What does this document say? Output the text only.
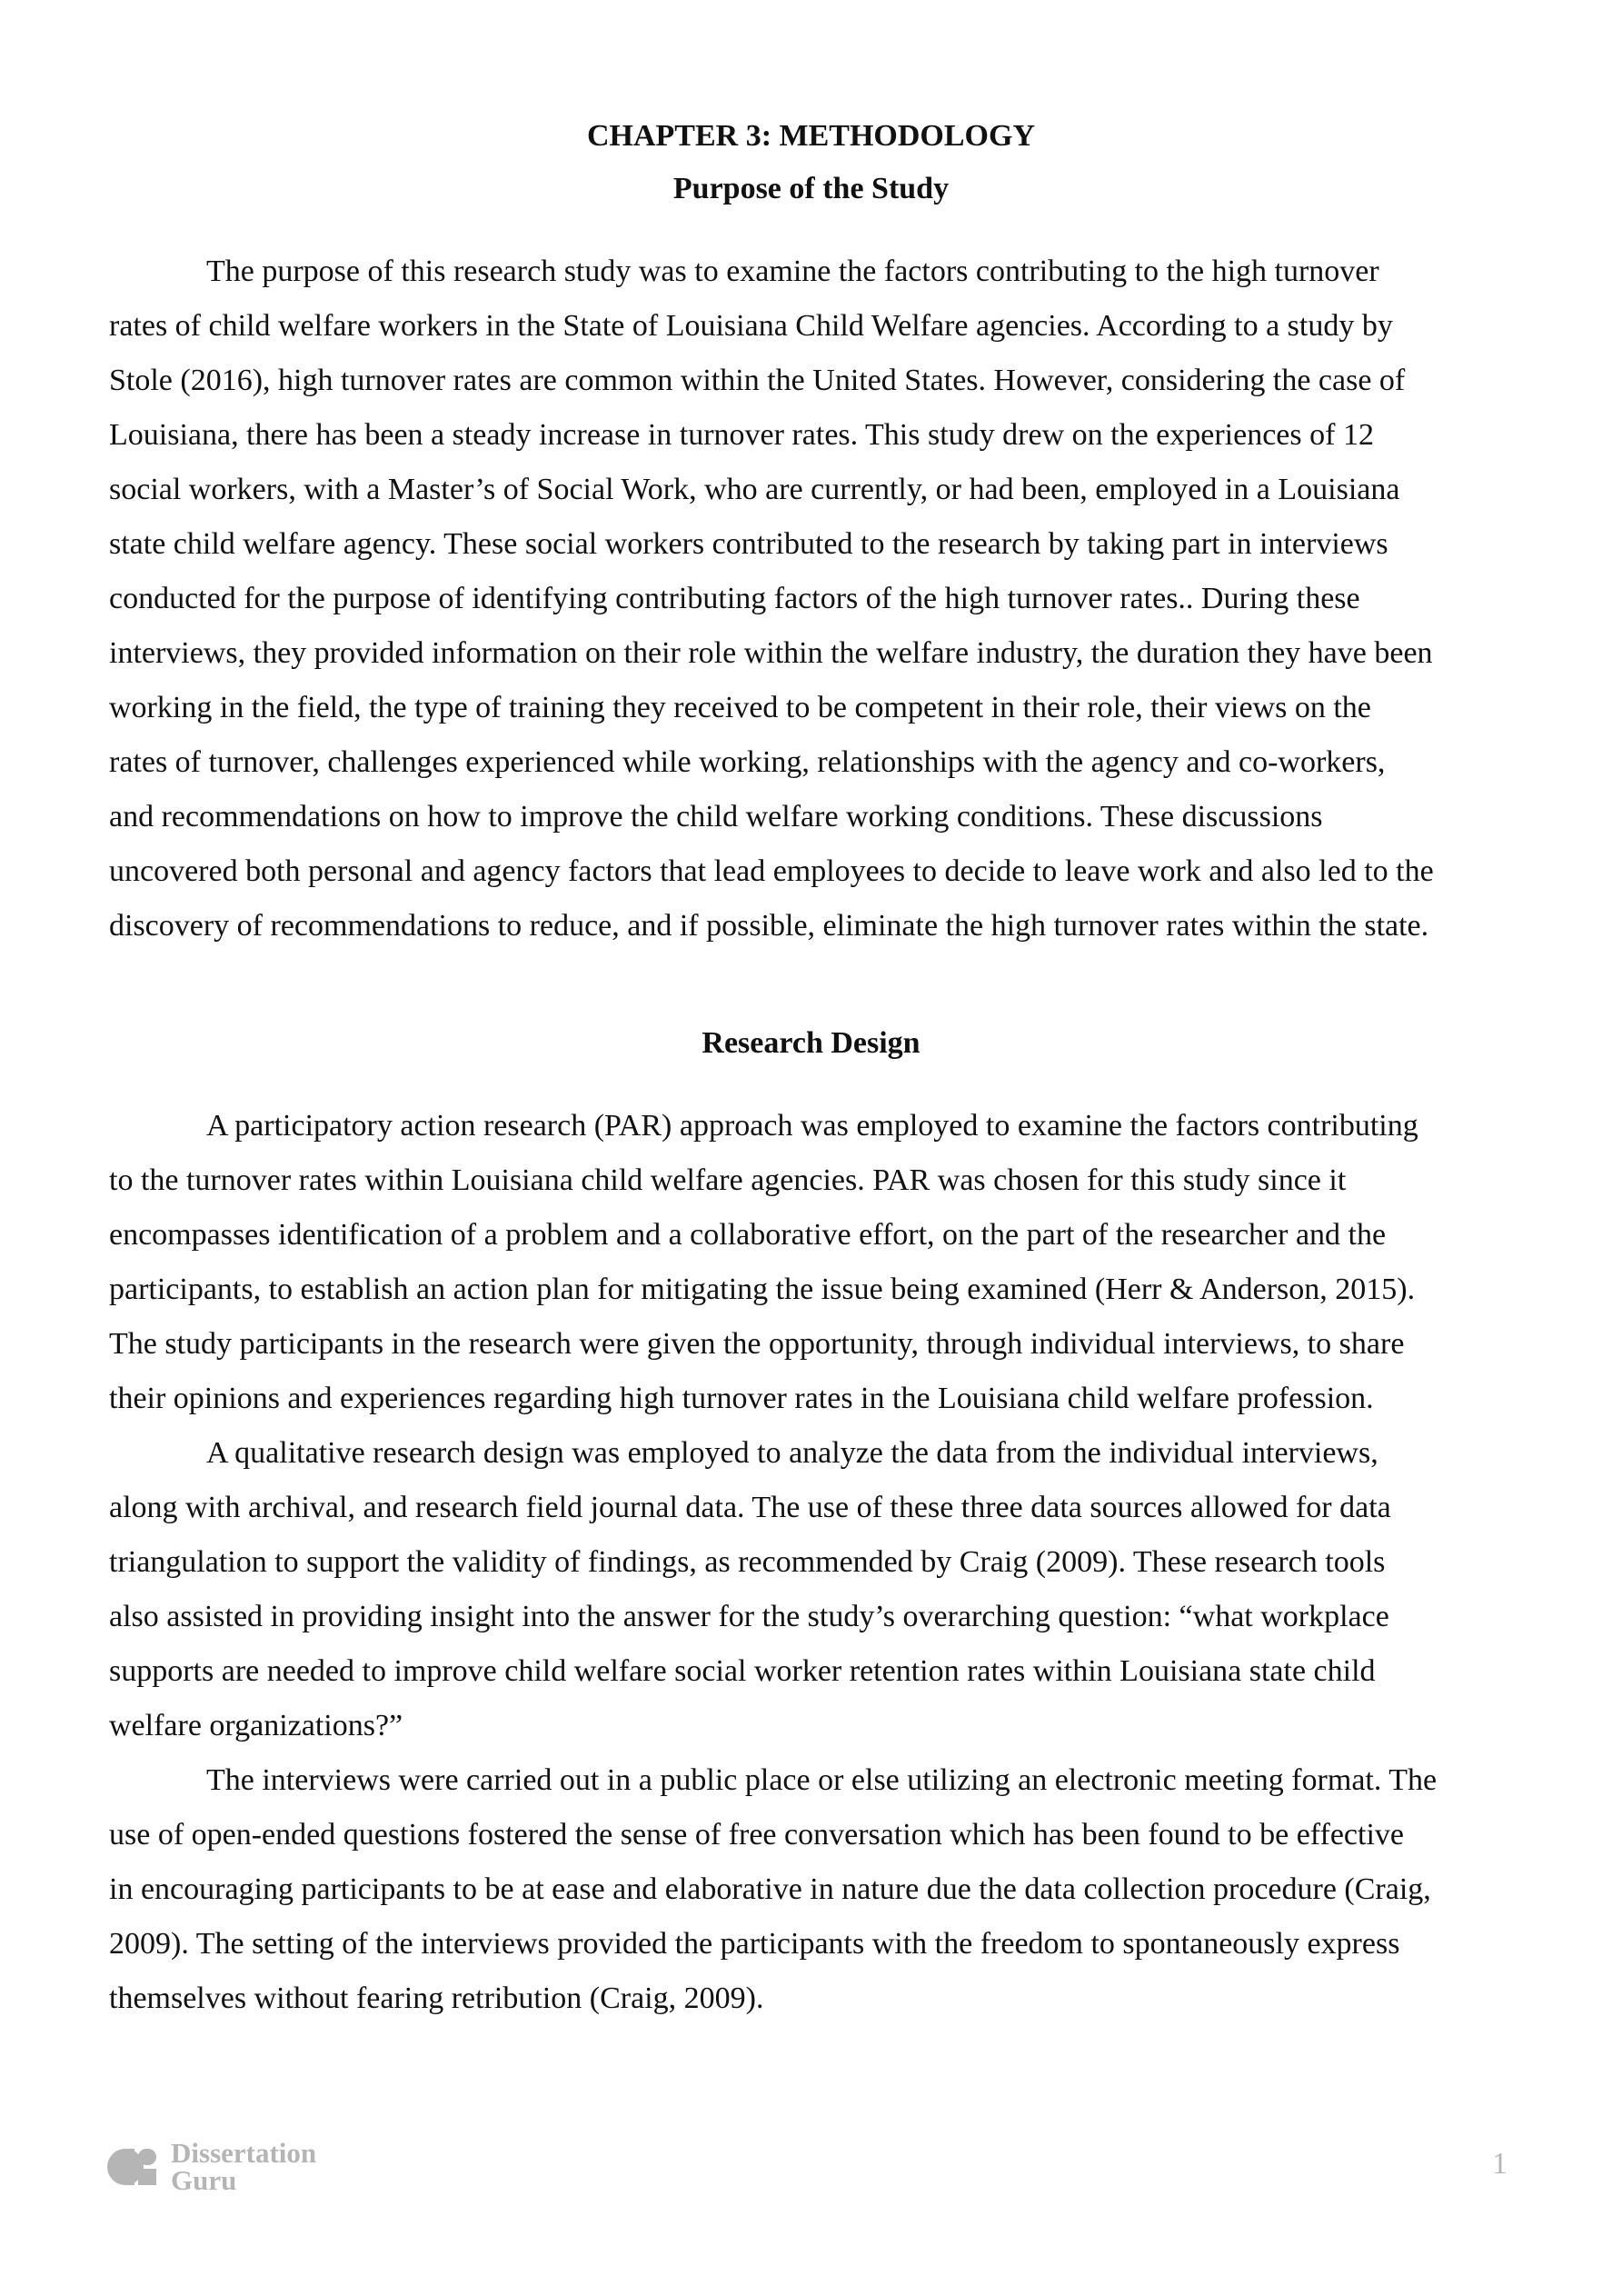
CHAPTER 3: METHODOLOGY
Purpose of the Study
The purpose of this research study was to examine the factors contributing to the high turnover
rates of child welfare workers in the State of Louisiana Child Welfare agencies. According to a study by
Stole (2016), high turnover rates are common within the United States. However, considering the case of
Louisiana, there has been a steady increase in turnover rates. This study drew on the experiences of 12
social workers, with a Master’s of Social Work, who are currently, or had been, employed in a Louisiana
state child welfare agency. These social workers contributed to the research by taking part in interviews
conducted for the purpose of identifying contributing factors of the high turnover rates.. During these
interviews, they provided information on their role within the welfare industry, the duration they have been
working in the field, the type of training they received to be competent in their role, their views on the
rates of turnover, challenges experienced while working, relationships with the agency and co-workers,
and recommendations on how to improve the child welfare working conditions. These discussions
uncovered both personal and agency factors that lead employees to decide to leave work and also led to the
discovery of recommendations to reduce, and if possible, eliminate the high turnover rates within the state.
Research Design
A participatory action research (PAR) approach was employed to examine the factors contributing
to the turnover rates within Louisiana child welfare agencies. PAR was chosen for this study since it
encompasses identification of a problem and a collaborative effort, on the part of the researcher and the
participants, to establish an action plan for mitigating the issue being examined (Herr & Anderson, 2015).
The study participants in the research were given the opportunity, through individual interviews, to share
their opinions and experiences regarding high turnover rates in the Louisiana child welfare profession.
A qualitative research design was employed to analyze the data from the individual interviews,
along with archival, and research field journal data. The use of these three data sources allowed for data
triangulation to support the validity of findings, as recommended by Craig (2009). These research tools
also assisted in providing insight into the answer for the study’s overarching question: “what workplace
supports are needed to improve child welfare social worker retention rates within Louisiana state child
welfare organizations?”
The interviews were carried out in a public place or else utilizing an electronic meeting format. The
use of open-ended questions fostered the sense of free conversation which has been found to be effective
in encouraging participants to be at ease and elaborative in nature due the data collection procedure (Craig,
2009). The setting of the interviews provided the participants with the freedom to spontaneously express
themselves without fearing retribution (Craig, 2009).
Dissertation
Guru	1
